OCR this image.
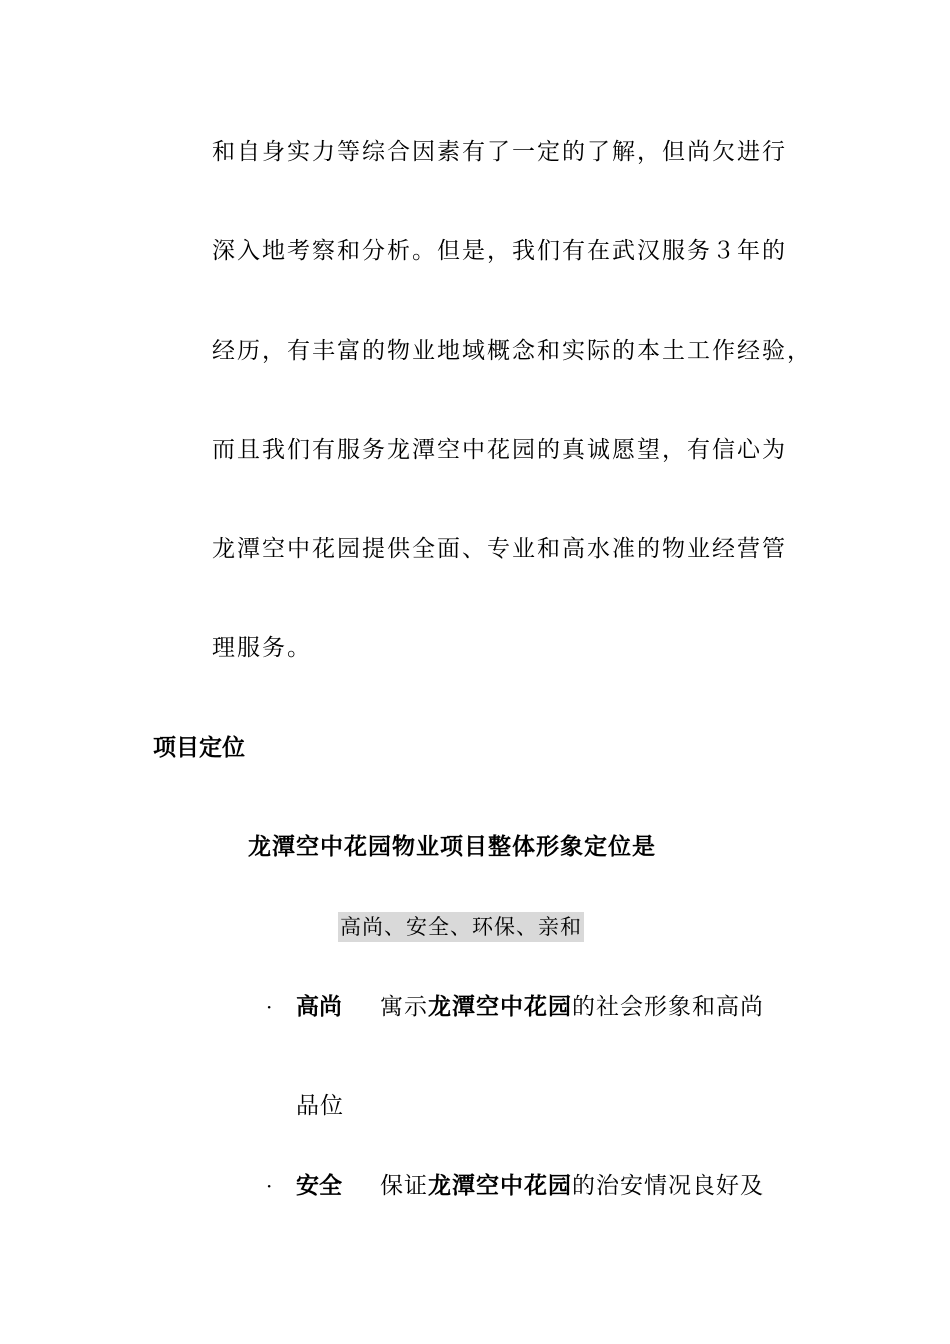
和自身实力等综合因素有了一定的了解，但尚欠进行
深入地考察和分析。但是，我们有在武汉服务３年的
经历，有丰富的物业地域概念和实际的本土工作经验，
而且我们有服务龙潭空中花园的真诚愿望，有信心为
龙潭空中花园提供全面、专业和高水准的物业经营管
理服务。
项目定位
龙潭空中花园物业项目整体形象定位是
高尚、安全、环保、亲和
· 高尚 寓示龙潭空中花园的社会形象和高尚
品位
· 安全 保证龙潭空中花园的治安情况良好及
